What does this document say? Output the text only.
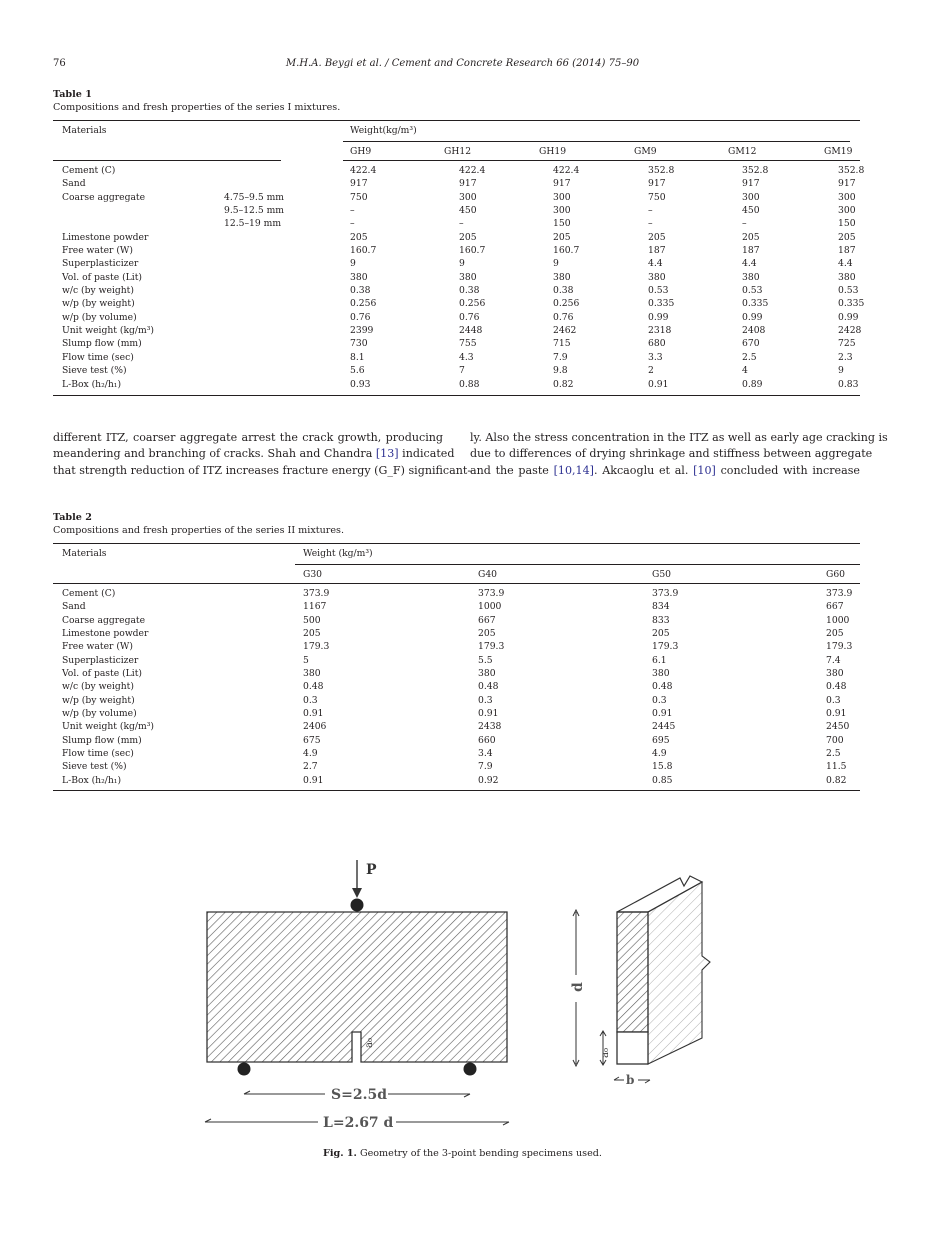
76	M.H.A. Beygi et al. / Cement and Concrete Research 66 (2014) 75–90
Table 1
Compositions and fresh properties of the series I mixtures.
Materials	Weight(kg/m³)
GH9	GH12	GH19	GM9	GM12	GM19
Cement (C)		422.4	422.4	422.4	352.8	352.8	352.8	
Sand		917	917	917	917	917	917	
Coarse aggregate	4.75–9.5 mm	750	300	300	750	300	300	
	9.5–12.5 mm	–	450	300	–	450	300	
	12.5–19 mm	–	–	150	–	–	150	
Limestone powder		205	205	205	205	205	205	
Free water (W)		160.7	160.7	160.7	187	187	187	
Superplasticizer		9	9	9	4.4	4.4	4.4	
Vol. of paste (Lit)		380	380	380	380	380	380	
w/c (by weight)		0.38	0.38	0.38	0.53	0.53	0.53	
w/p (by weight)		0.256	0.256	0.256	0.335	0.335	0.335	
w/p (by volume)		0.76	0.76	0.76	0.99	0.99	0.99	
Unit weight (kg/m³)		2399	2448	2462	2318	2408	2428	
Slump flow (mm)		730	755	715	680	670	725	
Flow time (sec)		8.1	4.3	7.9	3.3	2.5	2.3	
Sieve test (%)		5.6	7	9.8	2	4	9	
L-Box (h₂/h₁)		0.93	0.88	0.82	0.91	0.89	0.83	
different ITZ, coarser aggregate arrest the crack growth, producing
meandering and branching of cracks. Shah and Chandra [13] indicated
that strength reduction of ITZ increases fracture energy (G_F) significant-
ly. Also the stress concentration in the ITZ as well as early age cracking is
due to differences of drying shrinkage and stiffness between aggregate
and the paste [10,14]. Akcaoglu et al. [10] concluded with increase
Table 2
Compositions and fresh properties of the series II mixtures.
Materials	Weight (kg/m³)
G30	G40	G50	G60
Cement (C)	373.9	373.9	373.9	373.9	
Sand	1167	1000	834	667	
Coarse aggregate	500	667	833	1000	
Limestone powder	205	205	205	205	
Free water (W)	179.3	179.3	179.3	179.3	
Superplasticizer	5	5.5	6.1	7.4	
Vol. of paste (Lit)	380	380	380	380	
w/c (by weight)	0.48	0.48	0.48	0.48	
w/p (by weight)	0.3	0.3	0.3	0.3	
w/p (by volume)	0.91	0.91	0.91	0.91	
Unit weight (kg/m³)	2406	2438	2445	2450	
Slump flow (mm)	675	660	695	700	
Flow time (sec)	4.9	3.4	4.9	2.5	
Sieve test (%)	2.7	7.9	15.8	11.5	
L-Box (h₂/h₁)	0.91	0.92	0.85	0.82	
P
a₀
S=2.5d
L=2.67 d
d
a₀
b
Fig. 1. Geometry of the 3-point bending specimens used.
